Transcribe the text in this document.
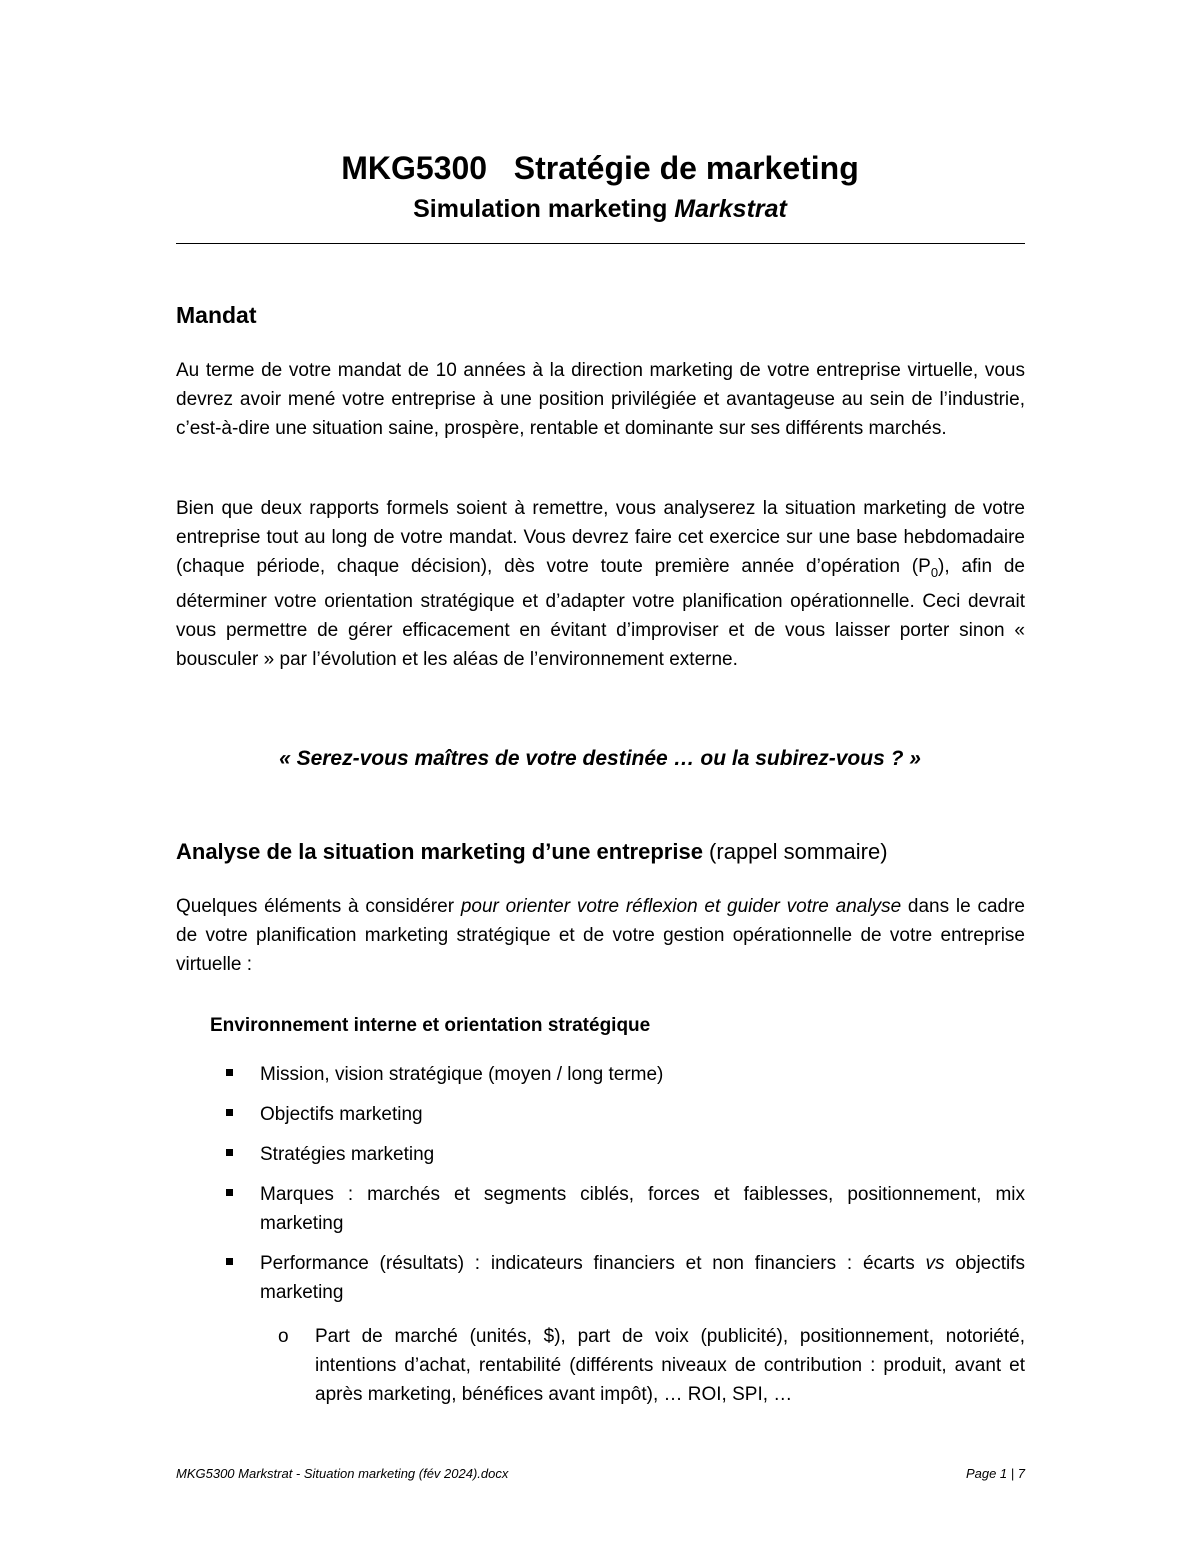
MKG5300 Stratégie de marketing
Simulation marketing Markstrat
Mandat
Au terme de votre mandat de 10 années à la direction marketing de votre entreprise virtuelle, vous devrez avoir mené votre entreprise à une position privilégiée et avantageuse au sein de l’industrie, c’est-à-dire une situation saine, prospère, rentable et dominante sur ses différents marchés.
Bien que deux rapports formels soient à remettre, vous analyserez la situation marketing de votre entreprise tout au long de votre mandat. Vous devrez faire cet exercice sur une base hebdomadaire (chaque période, chaque décision), dès votre toute première année d’opération $(P_0)$, afin de déterminer votre orientation stratégique et d’adapter votre planification opérationnelle. Ceci devrait vous permettre de gérer efficacement en évitant d’improviser et de vous laisser porter sinon « bousculer » par l’évolution et les aléas de l’environnement externe.
« Serez-vous maîtres de votre destinée … ou la subirez-vous ? »
Analyse de la situation marketing d’une entreprise (rappel sommaire)
Quelques éléments à considérer pour orienter votre réflexion et guider votre analyse dans le cadre de votre planification marketing stratégique et de votre gestion opérationnelle de votre entreprise virtuelle :
Environnement interne et orientation stratégique
Mission, vision stratégique (moyen / long terme)
Objectifs marketing
Stratégies marketing
Marques : marchés et segments ciblés, forces et faiblesses, positionnement, mix marketing
Performance (résultats) : indicateurs financiers et non financiers : écarts vs objectifs marketing
o Part de marché (unités, $), part de voix (publicité), positionnement, notoriété, intentions d’achat, rentabilité (différents niveaux de contribution : produit, avant et après marketing, bénéfices avant impôt), … ROI, SPI, …
MKG5300 Markstrat - Situation marketing (fév 2024).docx	Page 1 | 7
